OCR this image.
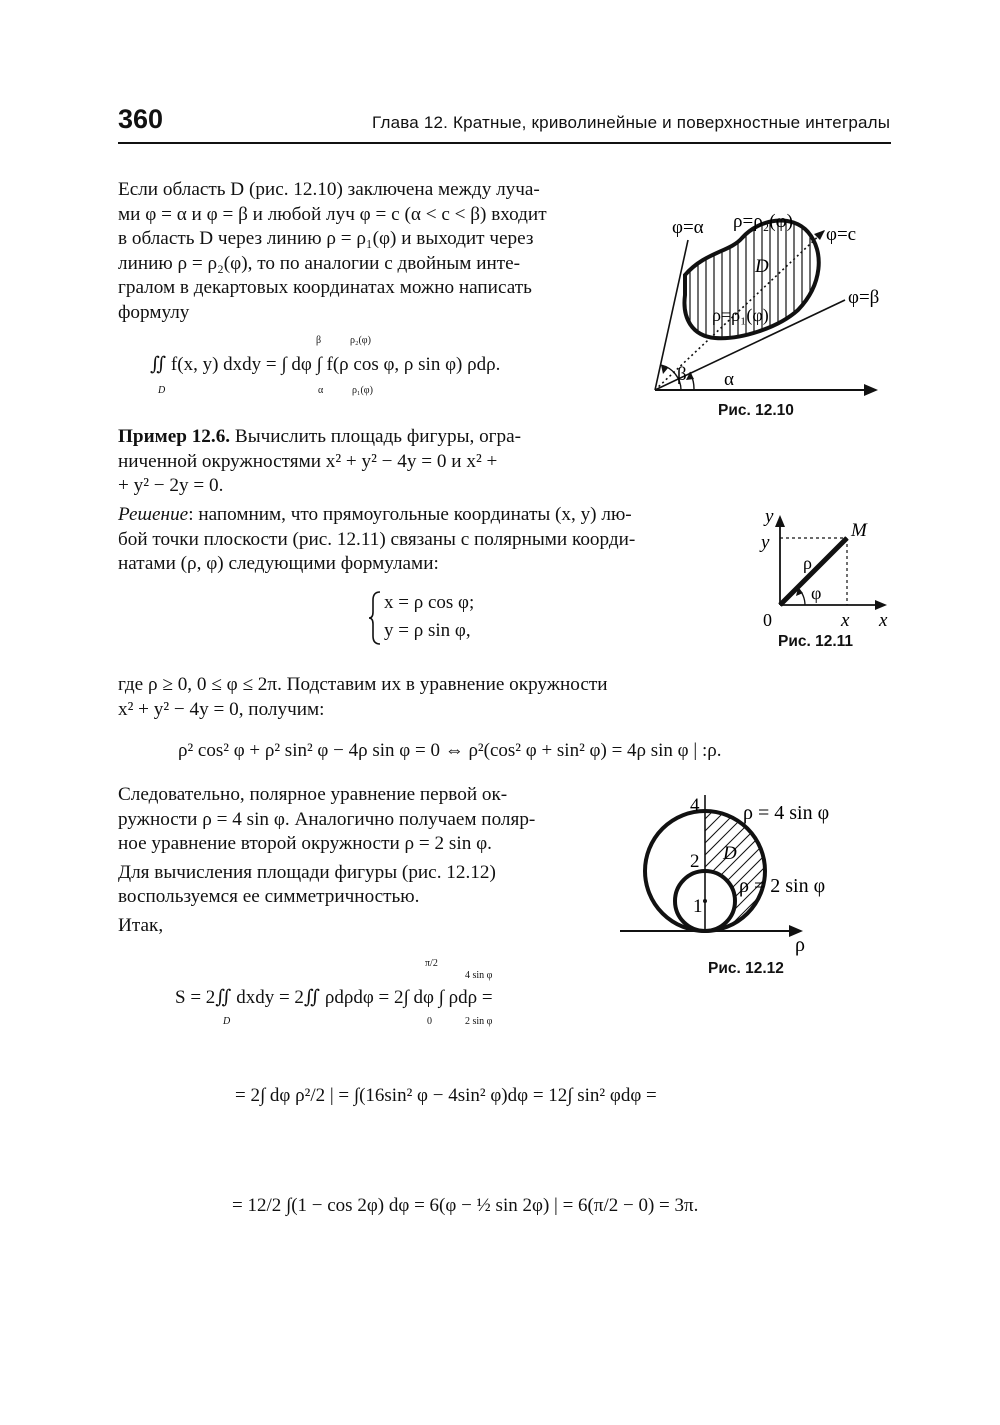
360	Глава 12. Кратные, криволинейные и поверхностные интегралы

Если область D (рис. 12.10) заключена между луча-

ми φ = α и φ = β и любой луч φ = c (α < c < β) входит

в область D через линию ρ = ρ₁(φ) и выходит через

линию ρ = ρ₂(φ), то по аналогии с двойным инте-

гралом в декартовых координатах можно написать

формулу

β	ρ₂(φ)
∬ f(x, y) dxdy = ∫ dφ ∫ f(ρ cos φ, ρ sin φ) ρdρ.
D	α	ρ₁(φ)
φ=α ρ=ρ₂(φ)
φ=c
D
φ=β
ρ=ρ₁(φ)
β α
Рис. 12.10

Пример 12.6. Вычислить площадь фигуры, огра-

ниченной окружностями x² + y² − 4y = 0 и x² +

+ y² − 2y = 0.

Решение: напомним, что прямоугольные координаты (x, y) лю-

бой точки плоскости (рис. 12.11) связаны с полярными коорди-

натами (ρ, φ) следующими формулами:

x = ρ cos φ;
y = ρ sin φ,
y
y
M
ρ
φ
0	x x
Рис. 12.11

где ρ ≥ 0, 0 ≤ φ ≤ 2π. Подставим их в уравнение окружности

x² + y² − 4y = 0, получим:

ρ² cos² φ + ρ² sin² φ − 4ρ sin φ = 0 ⇔ ρ²(cos² φ + sin² φ) = 4ρ sin φ | :ρ.

Следовательно, полярное уравнение первой ок-

ружности ρ = 4 sin φ. Аналогично получаем поляр-

ное уравнение второй окружности ρ = 2 sin φ.

Для вычисления площади фигуры (рис. 12.12)

воспользуемся ее симметричностью.

Итак,

4 ρ = 4 sin φ
D
2
ρ = 2 sin φ
1
ρ
Рис. 12.12
π/2
4 sin φ
S = 2∬ dxdy = 2∬ ρdρdφ = 2∫ dφ ∫ ρdρ =
D	0	2 sin φ
= 2∫ dφ ρ²/2 | = ∫(16sin² φ − 4sin² φ)dφ = 12∫ sin² φdφ =
= 12/2 ∫(1 − cos 2φ) dφ = 6(φ − ½ sin 2φ) | = 6(π/2 − 0) = 3π.
